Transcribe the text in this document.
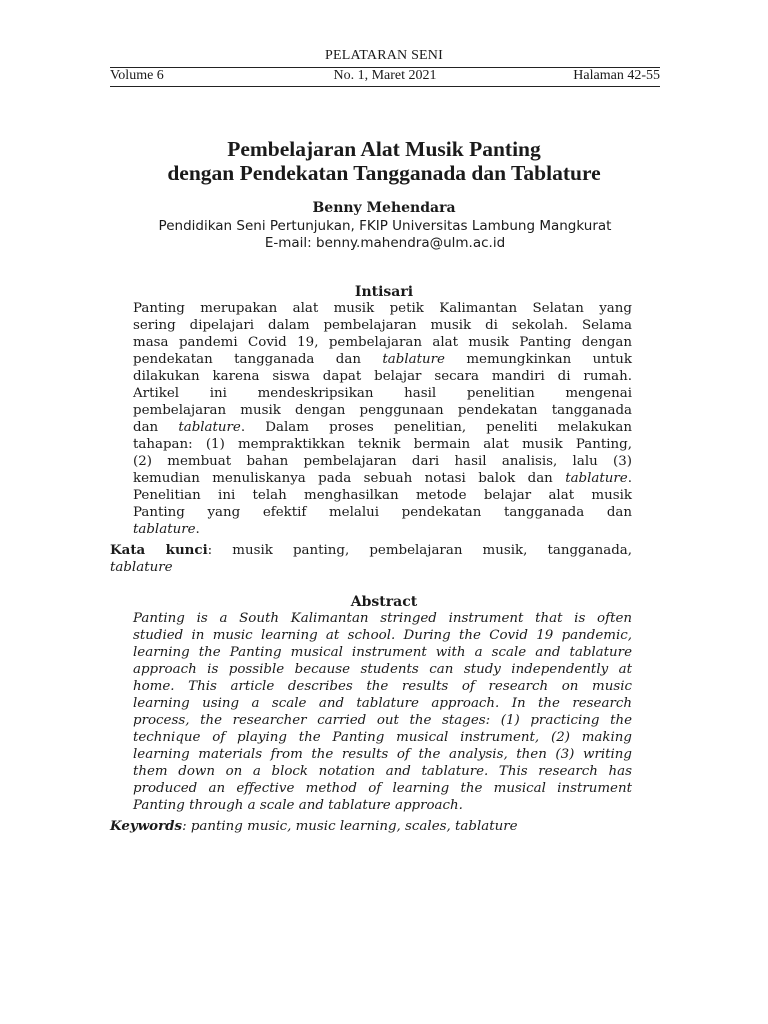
PELATARAN SENI
Volume 6	No. 1, Maret 2021	Halaman 42-55
Pembelajaran Alat Musik Panting
dengan Pendekatan Tangganada dan Tablature
Benny Mehendara
Pendidikan Seni Pertunjukan, FKIP Universitas Lambung Mangkurat
E-mail: benny.mahendra@ulm.ac.id
Intisari
Panting merupakan alat musik petik Kalimantan Selatan yang
sering dipelajari dalam pembelajaran musik di sekolah. Selama
masa pandemi Covid 19, pembelajaran alat musik Panting dengan
pendekatan tangganada dan tablature memungkinkan untuk
dilakukan karena siswa dapat belajar secara mandiri di rumah.
Artikel ini mendeskripsikan hasil penelitian mengenai
pembelajaran musik dengan penggunaan pendekatan tangganada
dan tablature. Dalam proses penelitian, peneliti melakukan
tahapan: (1) mempraktikkan teknik bermain alat musik Panting,
(2) membuat bahan pembelajaran dari hasil analisis, lalu (3)
kemudian menuliskanya pada sebuah notasi balok dan tablature.
Penelitian ini telah menghasilkan metode belajar alat musik
Panting yang efektif melalui pendekatan tangganada dan
tablature.
Kata kunci: musik panting, pembelajaran musik, tangganada,
tablature
Abstract
Panting is a South Kalimantan stringed instrument that is often
studied in music learning at school. During the Covid 19 pandemic,
learning the Panting musical instrument with a scale and tablature
approach is possible because students can study independently at
home. This article describes the results of research on music
learning using a scale and tablature approach. In the research
process, the researcher carried out the stages: (1) practicing the
technique of playing the Panting musical instrument, (2) making
learning materials from the results of the analysis, then (3) writing
them down on a block notation and tablature. This research has
produced an effective method of learning the musical instrument
Panting through a scale and tablature approach.
Keywords: panting music, music learning, scales, tablature
